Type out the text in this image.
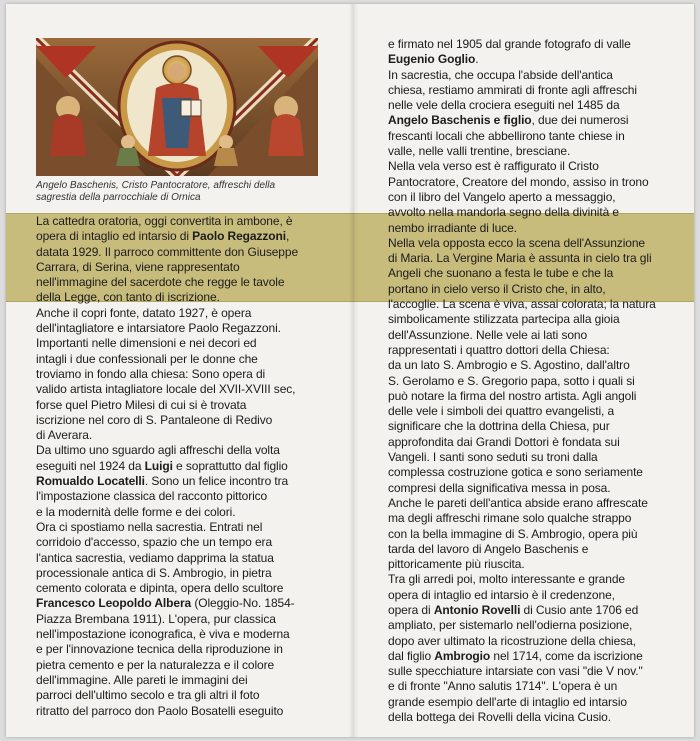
Angelo Baschenis, Cristo Pantocratore, affreschi della
sagrestia della parrocchiale di Ornica
La cattedra oratoria, oggi convertita in ambone, è
opera di intaglio ed intarsio di Paolo Regazzoni,
datata 1929. Il parroco committente don Giuseppe
Carrara, di Serina, viene rappresentato
nell'immagine del sacerdote che regge le tavole
della Legge, con tanto di iscrizione.
Anche il copri fonte, datato 1927, è opera
dell'intagliatore e intarsiatore Paolo Regazzoni.
Importanti nelle dimensioni e nei decori ed
intagli i due confessionali per le donne che
troviamo in fondo alla chiesa: Sono opera di
valido artista intagliatore locale del XVII-XVIII sec,
forse quel Pietro Milesi di cui si è trovata
iscrizione nel coro di S. Pantaleone di Redivo
di Averara.
Da ultimo uno sguardo agli affreschi della volta
eseguiti nel 1924 da Luigi e soprattutto dal figlio
Romualdo Locatelli. Sono un felice incontro tra
l'impostazione classica del racconto pittorico
e la modernità delle forme e dei colori.
Ora ci spostiamo nella sacrestia. Entrati nel
corridoio d'accesso, spazio che un tempo era
l'antica sacrestia, vediamo dapprima la statua
processionale antica di S. Ambrogio, in pietra
cemento colorata e dipinta, opera dello scultore
Francesco Leopoldo Albera (Oleggio-No. 1854-
Piazza Brembana 1911). L'opera, pur classica
nell'impostazione iconografica, è viva e moderna
e per l'innovazione tecnica della riproduzione in
pietra cemento e per la naturalezza e il colore
dell'immagine. Alle pareti le immagini dei
parroci dell'ultimo secolo e tra gli altri il foto
ritratto del parroco don Paolo Bosatelli eseguito
e firmato nel 1905 dal grande fotografo di valle
Eugenio Goglio.
In sacrestia, che occupa l'abside dell'antica
chiesa, restiamo ammirati di fronte agli affreschi
nelle vele della crociera eseguiti nel 1485 da
Angelo Baschenis e figlio, due dei numerosi
frescanti locali che abbellirono tante chiese in
valle, nelle valli trentine, bresciane.
Nella vela verso est è raffigurato il Cristo
Pantocratore, Creatore del mondo, assiso in trono
con il libro del Vangelo aperto a messaggio,
avvolto nella mandorla segno della divinità e
nembo irradiante di luce.
Nella vela opposta ecco la scena dell'Assunzione
di Maria. La Vergine Maria è assunta in cielo tra gli
Angeli che suonano a festa le tube e che la
portano in cielo verso il Cristo che, in alto,
l'accoglie. La scena è viva, assai colorata; la natura
simbolicamente stilizzata partecipa alla gioia
dell'Assunzione. Nelle vele ai lati sono
rappresentati i quattro dottori della Chiesa:
da un lato S. Ambrogio e S. Agostino, dall'altro
S. Gerolamo e S. Gregorio papa, sotto i quali si
può notare la firma del nostro artista. Agli angoli
delle vele i simboli dei quattro evangelisti, a
significare che la dottrina della Chiesa, pur
approfondita dai Grandi Dottori è fondata sui
Vangeli. I santi sono seduti su troni dalla
complessa costruzione gotica e sono seriamente
compresi della significativa messa in posa.
Anche le pareti dell'antica abside erano affrescate
ma degli affreschi rimane solo qualche strappo
con la bella immagine di S. Ambrogio, opera più
tarda del lavoro di Angelo Baschenis e
pittoricamente più riuscita.
Tra gli arredi poi, molto interessante e grande
opera di intaglio ed intarsio è il credenzone,
opera di Antonio Rovelli di Cusio ante 1706 ed
ampliato, per sistemarlo nell'odierna posizione,
dopo aver ultimato la ricostruzione della chiesa,
dal figlio Ambrogio nel 1714, come da iscrizione
sulle specchiature intarsiate con vasi "die V nov."
e di fronte "Anno salutis 1714". L'opera è un
grande esempio dell'arte di intaglio ed intarsio
della bottega dei Rovelli della vicina Cusio.
